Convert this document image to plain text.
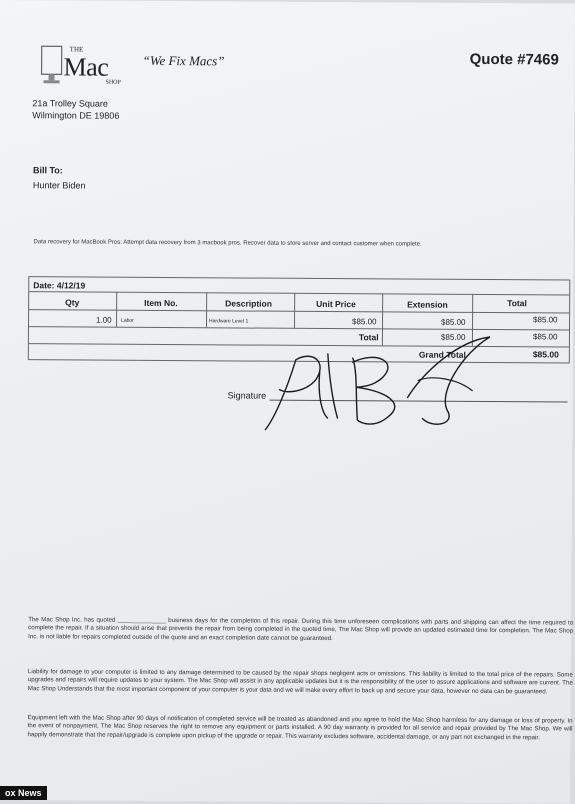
THE
Mac
SHOP
“We Fix Macs”	Quote #7469
21a Trolley Square
Wilmington DE 19806
Bill To:
Hunter Biden
Data recovery for MacBook Pros: Attempt data recovery from 3 macbook pros. Recover data to store server and contact customer when complete.
Date: 4/12/19
Qty	Item No.	Description	Unit Price	Extension	Total
1.00 Labor	Hardware Level 1	$85.00	$85.00	$85.00
Total	$85.00	$85.00
Grand Total	$85.00
Signature
The Mac Shop Inc. has quoted ______________ business days for the completion of this repair. During this time unforeseen complications with parts and shipping can affect the time required to complete the repair. If a situation should arise that prevents the repair from being completed in the quoted time, The Mac Shop will provide an updated estimated time for completion. The Mac Shop Inc. is not liable for repairs completed outside of the quote and an exact completion date cannot be guaranteed.
Liability for damage to your computer is limited to any damage determined to be caused by the repair shops negligent acts or omissions. This liability is limited to the total price of the repairs. Some upgrades and repairs will require updates to your system. The Mac Shop will assist in any applicable updates but it is the responsibility of the user to assure applications and software are current. The Mac Shop Understands that the most important component of your computer is your data and we will make every effort to back up and secure your data, however no data can be guaranteed.
Equipment left with the Mac Shop after 90 days of notification of completed service will be treated as abandoned and you agree to hold the Mac Shop harmless for any damage or loss of property. In the event of nonpayment, The Mac Shop reserves the right to remove any equipment or parts installed. A 90 day warranty is provided for all service and repair provided by The Mac Shop. We will happily demonstrate that the repair/upgrade is complete upon pickup of the upgrade or repair. This warranty excludes software, accidental damage, or any part not exchanged in the repair.
ox News
